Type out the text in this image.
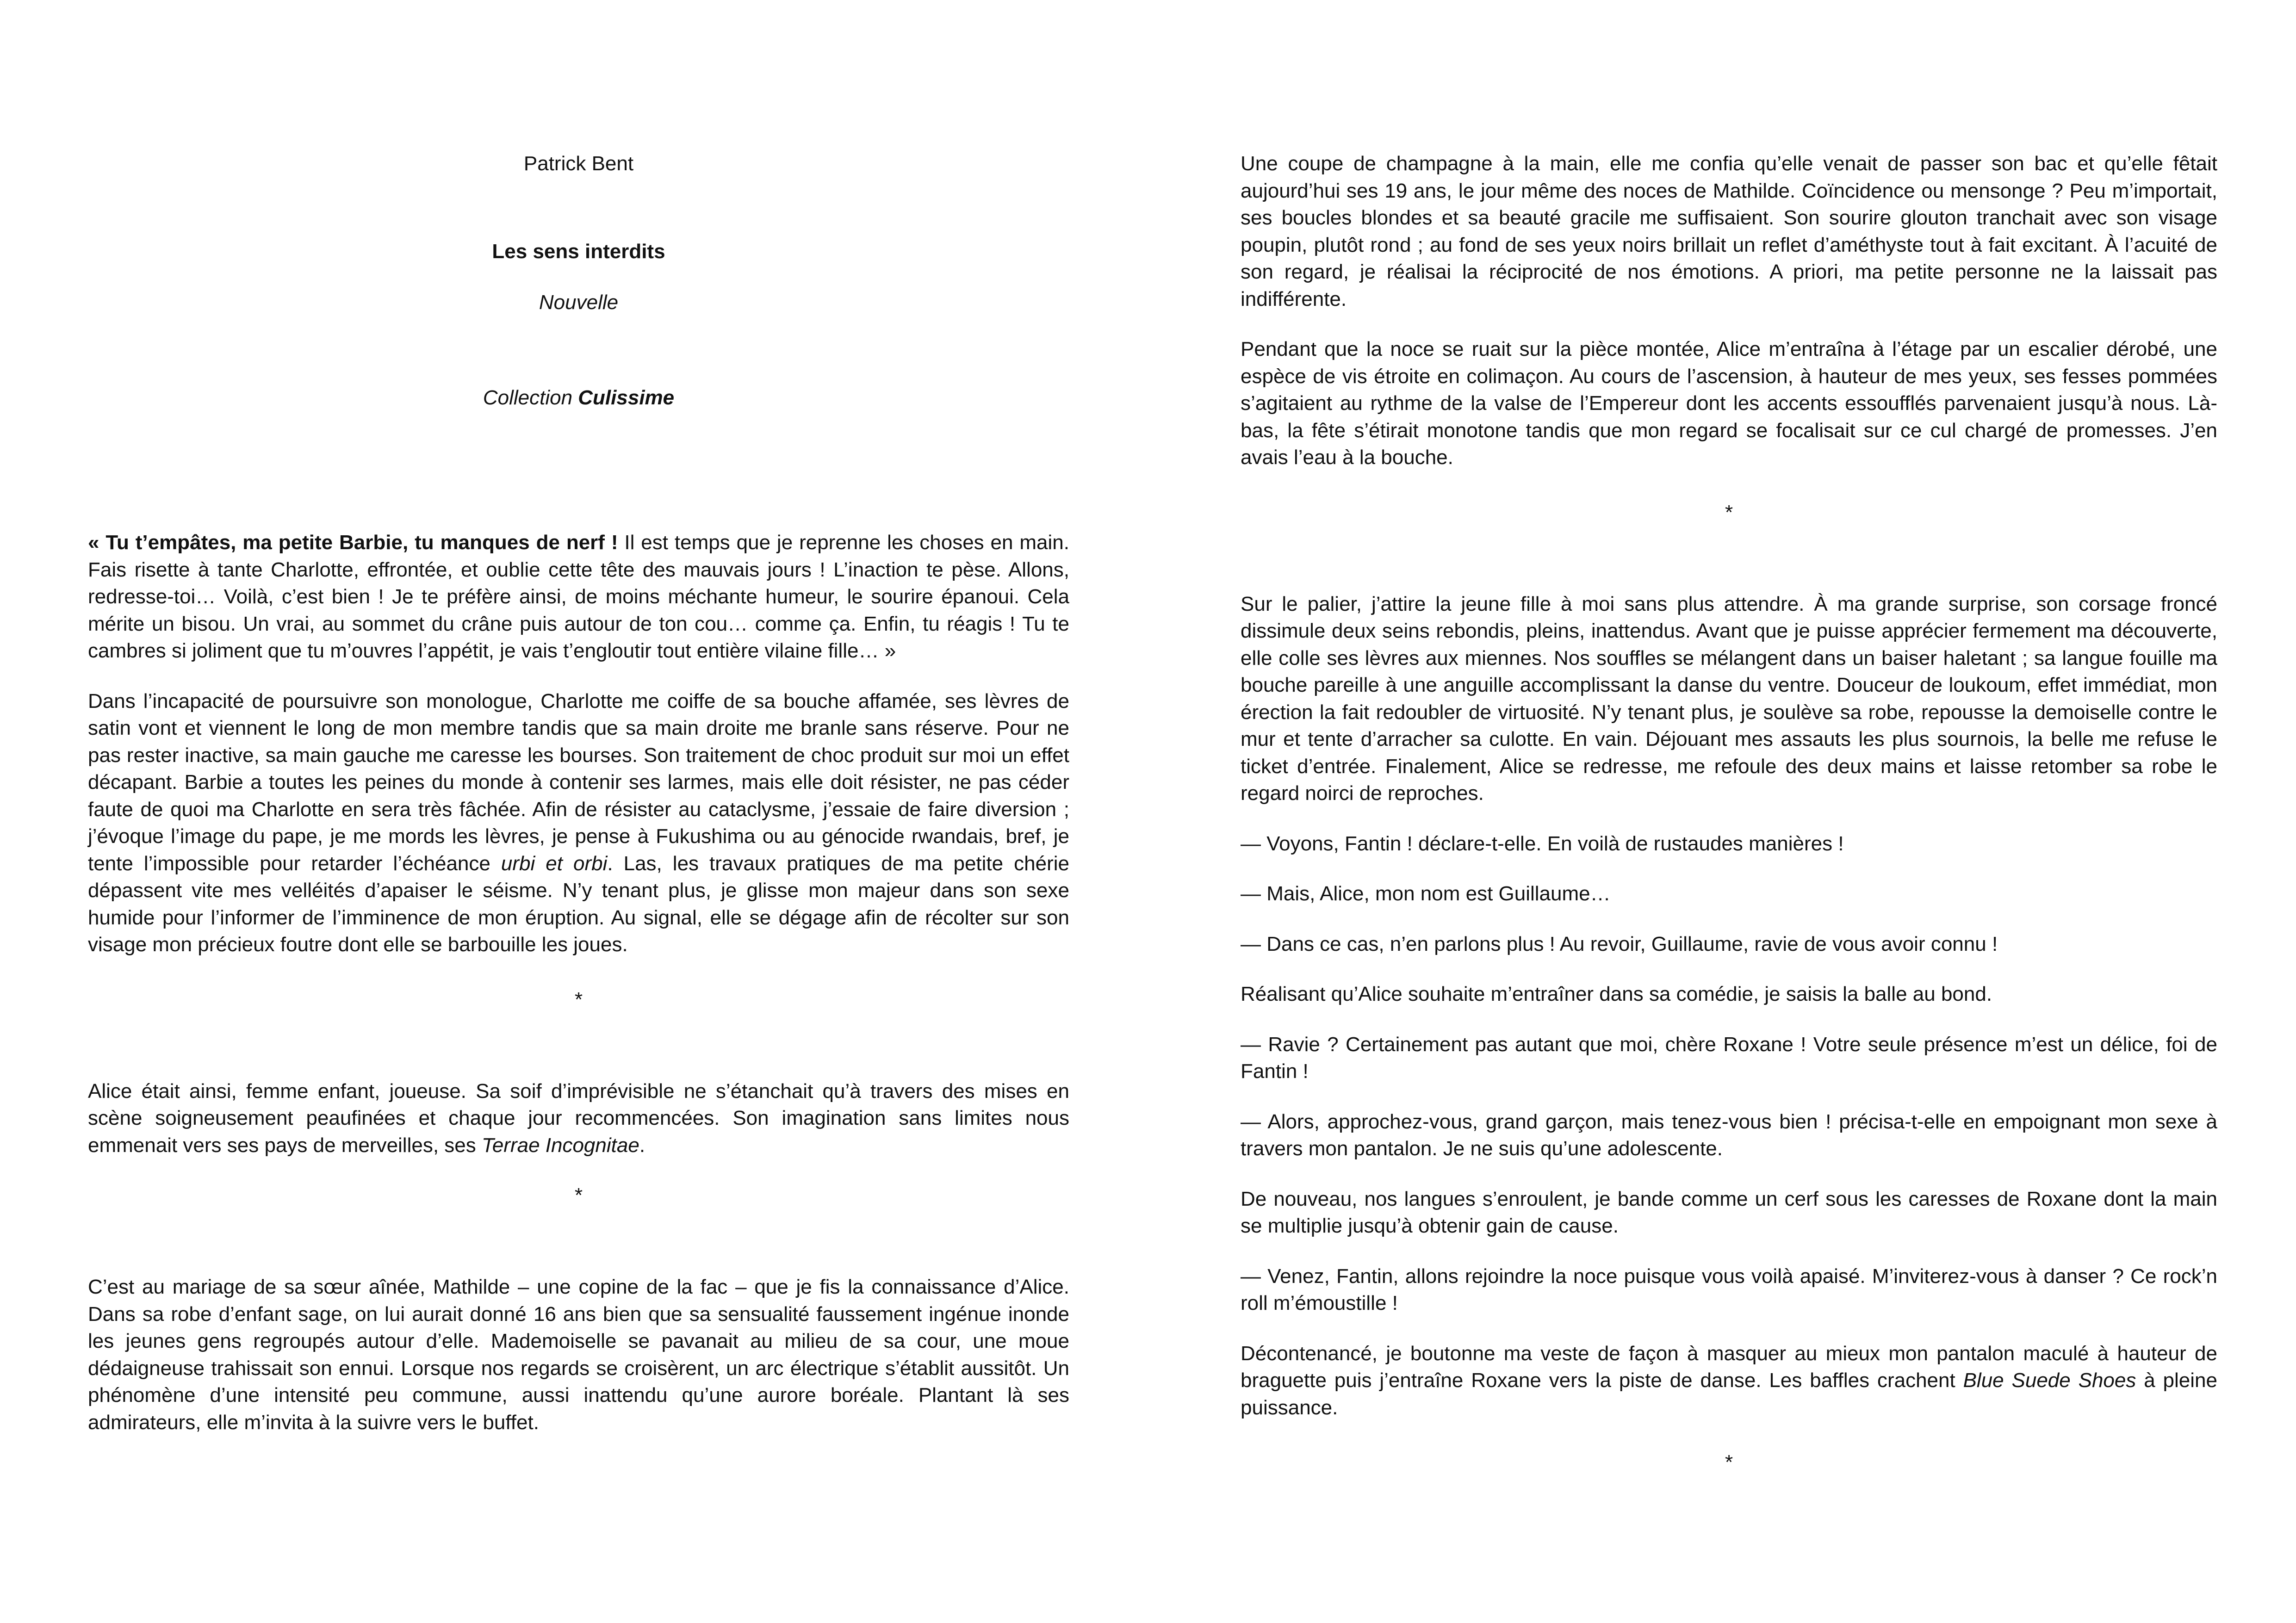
Patrick Bent
Les sens interdits
Nouvelle
Collection Culissime

« Tu t’empâtes, ma petite Barbie, tu manques de nerf ! Il est temps que je reprenne les choses en main. Fais risette à tante Charlotte, effrontée, et oublie cette tête des mauvais jours ! L’inaction te pèse. Allons, redresse-toi… Voilà, c’est bien ! Je te préfère ainsi, de moins méchante humeur, le sourire épanoui. Cela mérite un bisou. Un vrai, au sommet du crâne puis autour de ton cou… comme ça. Enfin, tu réagis ! Tu te cambres si joliment que tu m’ouvres l’appétit, je vais t’engloutir tout entière vilaine fille… »

Dans l’incapacité de poursuivre son monologue, Charlotte me coiffe de sa bouche affamée, ses lèvres de satin vont et viennent le long de mon membre tandis que sa main droite me branle sans réserve. Pour ne pas rester inactive, sa main gauche me caresse les bourses. Son traitement de choc produit sur moi un effet décapant. Barbie a toutes les peines du monde à contenir ses larmes, mais elle doit résister, ne pas céder faute de quoi ma Charlotte en sera très fâchée. Afin de résister au cataclysme, j’essaie de faire diversion ; j’évoque l’image du pape, je me mords les lèvres, je pense à Fukushima ou au génocide rwandais, bref, je tente l’impossible pour retarder l’échéance urbi et orbi. Las, les travaux pratiques de ma petite chérie dépassent vite mes velléités d’apaiser le séisme. N’y tenant plus, je glisse mon majeur dans son sexe humide pour l’informer de l’imminence de mon éruption. Au signal, elle se dégage afin de récolter sur son visage mon précieux foutre dont elle se barbouille les joues.

*

Alice était ainsi, femme enfant, joueuse. Sa soif d’imprévisible ne s’étanchait qu’à travers des mises en scène soigneusement peaufinées et chaque jour recommencées. Son imagination sans limites nous emmenait vers ses pays de merveilles, ses Terrae Incognitae.

*

C’est au mariage de sa sœur aînée, Mathilde – une copine de la fac – que je fis la connaissance d’Alice. Dans sa robe d’enfant sage, on lui aurait donné 16 ans bien que sa sensualité faussement ingénue inonde les jeunes gens regroupés autour d’elle. Mademoiselle se pavanait au milieu de sa cour, une moue dédaigneuse trahissait son ennui. Lorsque nos regards se croisèrent, un arc électrique s’établit aussitôt. Un phénomène d’une intensité peu commune, aussi inattendu qu’une aurore boréale. Plantant là ses admirateurs, elle m’invita à la suivre vers le buffet.

Une coupe de champagne à la main, elle me confia qu’elle venait de passer son bac et qu’elle fêtait aujourd’hui ses 19 ans, le jour même des noces de Mathilde. Coïncidence ou mensonge ? Peu m’importait, ses boucles blondes et sa beauté gracile me suffisaient. Son sourire glouton tranchait avec son visage poupin, plutôt rond ; au fond de ses yeux noirs brillait un reflet d’améthyste tout à fait excitant. À l’acuité de son regard, je réalisai la réciprocité de nos émotions. A priori, ma petite personne ne la laissait pas indifférente.

Pendant que la noce se ruait sur la pièce montée, Alice m’entraîna à l’étage par un escalier dérobé, une espèce de vis étroite en colimaçon. Au cours de l’ascension, à hauteur de mes yeux, ses fesses pommées s’agitaient au rythme de la valse de l’Empereur dont les accents essoufflés parvenaient jusqu’à nous. Là-bas, la fête s’étirait monotone tandis que mon regard se focalisait sur ce cul chargé de promesses. J’en avais l’eau à la bouche.

*

Sur le palier, j’attire la jeune fille à moi sans plus attendre. À ma grande surprise, son corsage froncé dissimule deux seins rebondis, pleins, inattendus. Avant que je puisse apprécier fermement ma découverte, elle colle ses lèvres aux miennes. Nos souffles se mélangent dans un baiser haletant ; sa langue fouille ma bouche pareille à une anguille accomplissant la danse du ventre. Douceur de loukoum, effet immédiat, mon érection la fait redoubler de virtuosité. N’y tenant plus, je soulève sa robe, repousse la demoiselle contre le mur et tente d’arracher sa culotte. En vain. Déjouant mes assauts les plus sournois, la belle me refuse le ticket d’entrée. Finalement, Alice se redresse, me refoule des deux mains et laisse retomber sa robe le regard noirci de reproches.

— Voyons, Fantin ! déclare-t-elle. En voilà de rustaudes manières !

— Mais, Alice, mon nom est Guillaume…

— Dans ce cas, n’en parlons plus ! Au revoir, Guillaume, ravie de vous avoir connu !

Réalisant qu’Alice souhaite m’entraîner dans sa comédie, je saisis la balle au bond.

— Ravie ? Certainement pas autant que moi, chère Roxane ! Votre seule présence m’est un délice, foi de Fantin !

— Alors, approchez-vous, grand garçon, mais tenez-vous bien ! précisa-t-elle en empoignant mon sexe à travers mon pantalon. Je ne suis qu’une adolescente.

De nouveau, nos langues s’enroulent, je bande comme un cerf sous les caresses de Roxane dont la main se multiplie jusqu’à obtenir gain de cause.

— Venez, Fantin, allons rejoindre la noce puisque vous voilà apaisé. M’inviterez-vous à danser ? Ce rock’n roll m’émoustille !

Décontenancé, je boutonne ma veste de façon à masquer au mieux mon pantalon maculé à hauteur de braguette puis j’entraîne Roxane vers la piste de danse. Les baffles crachent Blue Suede Shoes à pleine puissance.

*
